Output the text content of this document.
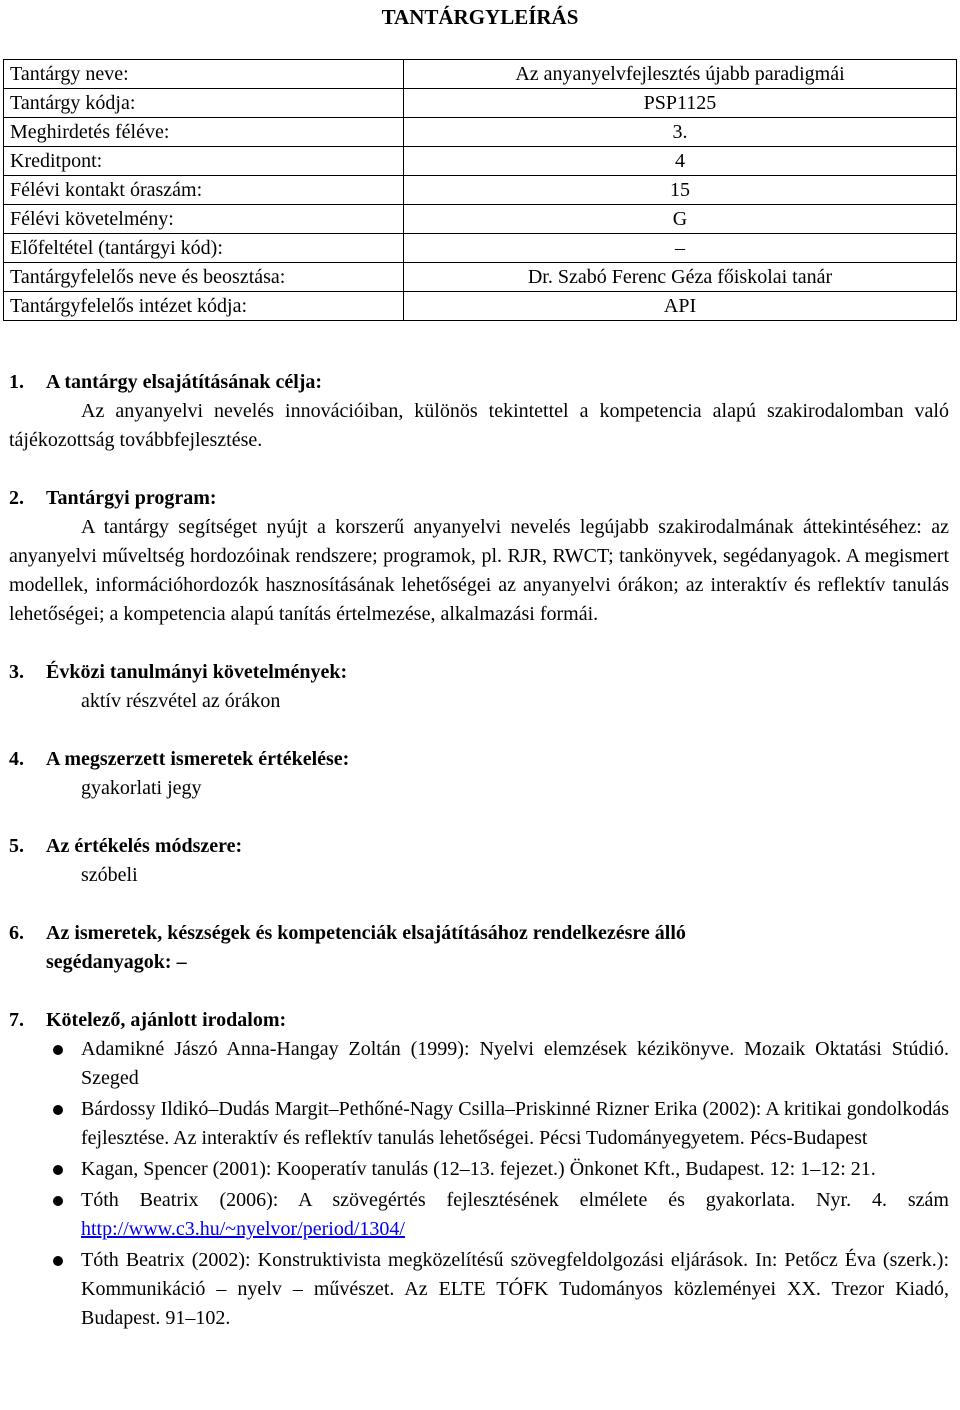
TANTÁRGYLEÍRÁS
Tantárgy neve:	Az anyanyelvfejlesztés újabb paradigmái
Tantárgy kódja:	PSP1125
Meghirdetés féléve:	3.
Kreditpont:	4
Félévi kontakt óraszám:	15
Félévi követelmény:	G
Előfeltétel (tantárgyi kód):	–
Tantárgyfelelős neve és beosztása:	Dr. Szabó Ferenc Géza főiskolai tanár
Tantárgyfelelős intézet kódja:	API
1. A tantárgy elsajátításának célja:
Az anyanyelvi nevelés innovációiban, különös tekintettel a kompetencia alapú szakirodalomban való tájékozottság továbbfejlesztése.
2. Tantárgyi program:
A tantárgy segítséget nyújt a korszerű anyanyelvi nevelés legújabb szakirodalmának áttekintéséhez: az anyanyelvi műveltség hordozóinak rendszere; programok, pl. RJR, RWCT; tankönyvek, segédanyagok. A megismert modellek, információhordozók hasznosításának lehetőségei az anyanyelvi órákon; az interaktív és reflektív tanulás lehetőségei; a kompetencia alapú tanítás értelmezése, alkalmazási formái.
3. Évközi tanulmányi követelmények:
aktív részvétel az órákon
4. A megszerzett ismeretek értékelése:
gyakorlati jegy
5. Az értékelés módszere:
szóbeli
6. Az ismeretek, készségek és kompetenciák elsajátításához rendelkezésre álló
segédanyagok: –
7. Kötelező, ajánlott irodalom:
Adamikné Jászó Anna-Hangay Zoltán (1999): Nyelvi elemzések kézikönyve. Mozaik Oktatási Stúdió. Szeged
Bárdossy Ildikó–Dudás Margit–Pethőné-Nagy Csilla–Priskinné Rizner Erika (2002): A kritikai gondolkodás fejlesztése. Az interaktív és reflektív tanulás lehetőségei. Pécsi Tudományegyetem. Pécs-Budapest
Kagan, Spencer (2001): Kooperatív tanulás (12–13. fejezet.) Önkonet Kft., Budapest. 12: 1–12: 21.
Tóth Beatrix (2006): A szövegértés fejlesztésének elmélete és gyakorlata. Nyr. 4. szám http://www.c3.hu/~nyelvor/period/1304/
Tóth Beatrix (2002): Konstruktivista megközelítésű szövegfeldolgozási eljárások. In: Petőcz Éva (szerk.): Kommunikáció – nyelv – művészet. Az ELTE TÓFK Tudományos közleményei XX. Trezor Kiadó, Budapest. 91–102.
